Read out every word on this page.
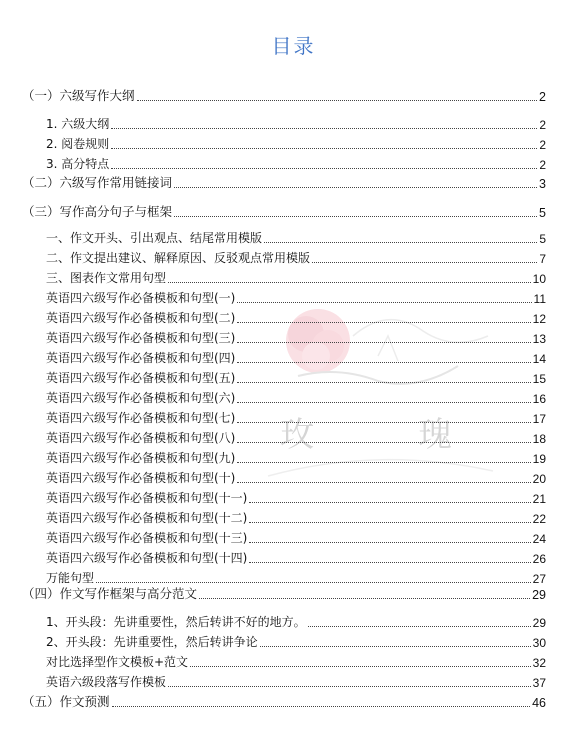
目录
玫	瑰
（一）六级写作大纲	2
1. 六级大纲	2
2. 阅卷规则	2
3. 高分特点	2
（二）六级写作常用链接词	3
（三）写作高分句子与框架	5
一、作文开头、引出观点、结尾常用模版	5
二、作文提出建议、解释原因、反驳观点常用模版	7
三、图表作文常用句型	10
英语四六级写作必备模板和句型(一)	11
英语四六级写作必备模板和句型(二)	12
英语四六级写作必备模板和句型(三)	13
英语四六级写作必备模板和句型(四)	14
英语四六级写作必备模板和句型(五)	15
英语四六级写作必备模板和句型(六)	16
英语四六级写作必备模板和句型(七)	17
英语四六级写作必备模板和句型(八)	18
英语四六级写作必备模板和句型(九)	19
英语四六级写作必备模板和句型(十)	20
英语四六级写作必备模板和句型(十一)	21
英语四六级写作必备模板和句型(十二)	22
英语四六级写作必备模板和句型(十三)	24
英语四六级写作必备模板和句型(十四)	26
万能句型	27
（四）作文写作框架与高分范文	29
1、开头段：先讲重要性，然后转讲不好的地方。	29
2、开头段：先讲重要性，然后转讲争论	30
对比选择型作文模板+范文	32
英语六级段落写作模板	37
（五）作文预测	46
